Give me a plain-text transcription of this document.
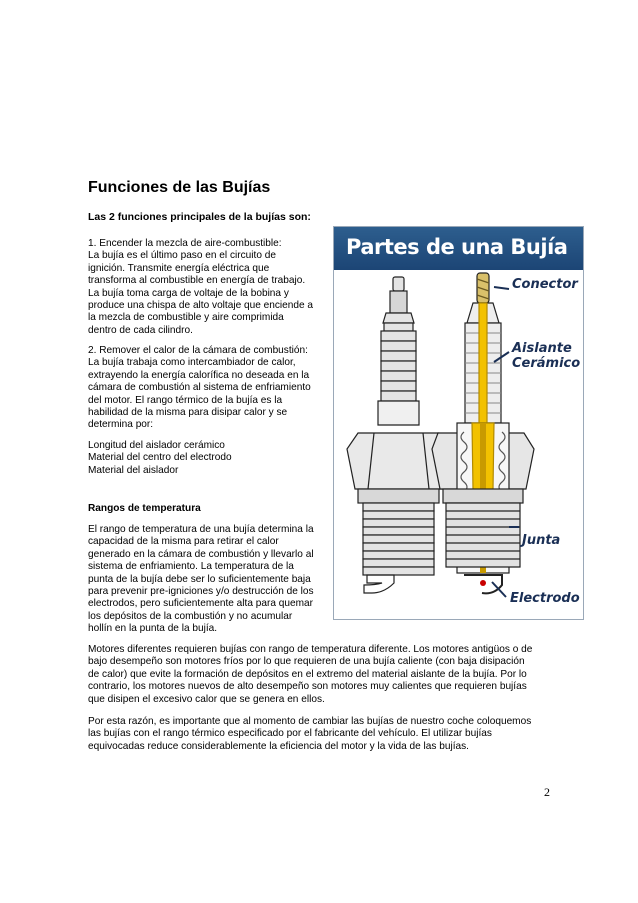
Funciones de las Bujías

Las 2 funciones principales de la bujías son:

1. Encender la mezcla de aire-combustible:
La bujía es el último paso en el circuito de
ignición. Transmite energía eléctrica que
transforma al combustible en energía de trabajo.
La bujía toma carga de voltaje de la bobina y
produce una chispa de alto voltaje que enciende a
la mezcla de combustible y aire comprimida
dentro de cada cilindro.

2. Remover el calor de la cámara de combustión:
La bujía trabaja como intercambiador de calor,
extrayendo la energía calorífica no deseada en la
cámara de combustión al sistema de enfriamiento
del motor. El rango térmico de la bujía es la
habilidad de la misma para disipar calor y se
determina por:

Longitud del aislador cerámico
Material del centro del electrodo
Material del aislador

Rangos de temperatura

El rango de temperatura de una bujía determina la
capacidad de la misma para retirar el calor
generado en la cámara de combustión y llevarlo al
sistema de enfriamiento. La temperatura de la
punta de la bujía debe ser lo suficientemente baja
para prevenir pre-igniciones y/o destrucción de los
electrodos, pero suficientemente alta para quemar
los depósitos de la combustión y no acumular
hollín en la punta de la bujía.

Motores diferentes requieren bujías con rango de temperatura diferente. Los motores antigüos o de
bajo desempeño son motores fríos por lo que requieren de una bujía caliente (con baja disipación
de calor) que evite la formación de depósitos en el extremo del material aislante de la bujía. Por lo
contrario, los motores nuevos de alto desempeño son motores muy calientes que requieren bujías
que disipen el excesivo calor que se genera en ellos.

Por esta razón, es importante que al momento de cambiar las bujías de nuestro coche coloquemos
las bujías con el rango térmico especificado por el fabricante del vehículo. El utilizar bujías
equivocadas reduce considerablemente la eficiencia del motor y la vida de las bujías.

Partes de una Bujía
Conector
Aislante
Cerámico
Junta
Electrodo
2
